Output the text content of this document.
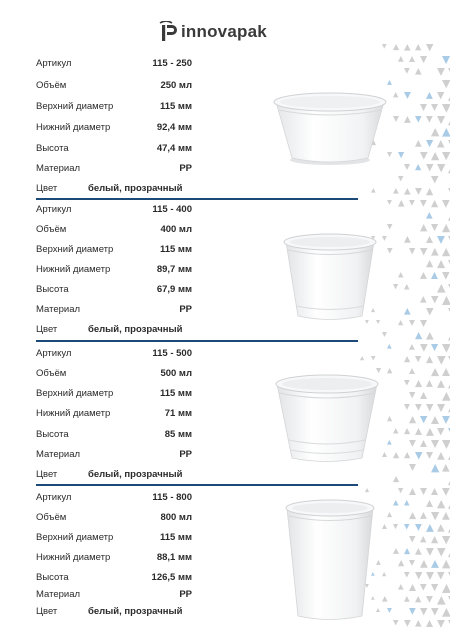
innovapak
Артикул	115 - 250
Объём	250 мл
Верхний диаметр	115 мм
Нижний диаметр	92,4 мм
Высота	47,4 мм
Материал	PP
Цвет	белый, прозрачный
Артикул	115 - 400
Объём	400 мл
Верхний диаметр	115 мм
Нижний диаметр	89,7 мм
Высота	67,9 мм
Материал	PP
Цвет	белый, прозрачный
Артикул	115 - 500
Объём	500 мл
Верхний диаметр	115 мм
Нижний диаметр	71 мм
Высота	85 мм
Материал	PP
Цвет	белый, прозрачный
Артикул	115 - 800
Объём	800 мл
Верхний диаметр	115 мм
Нижний диаметр	88,1 мм
Высота	126,5 мм
Материал	PP
Цвет	белый, прозрачный
